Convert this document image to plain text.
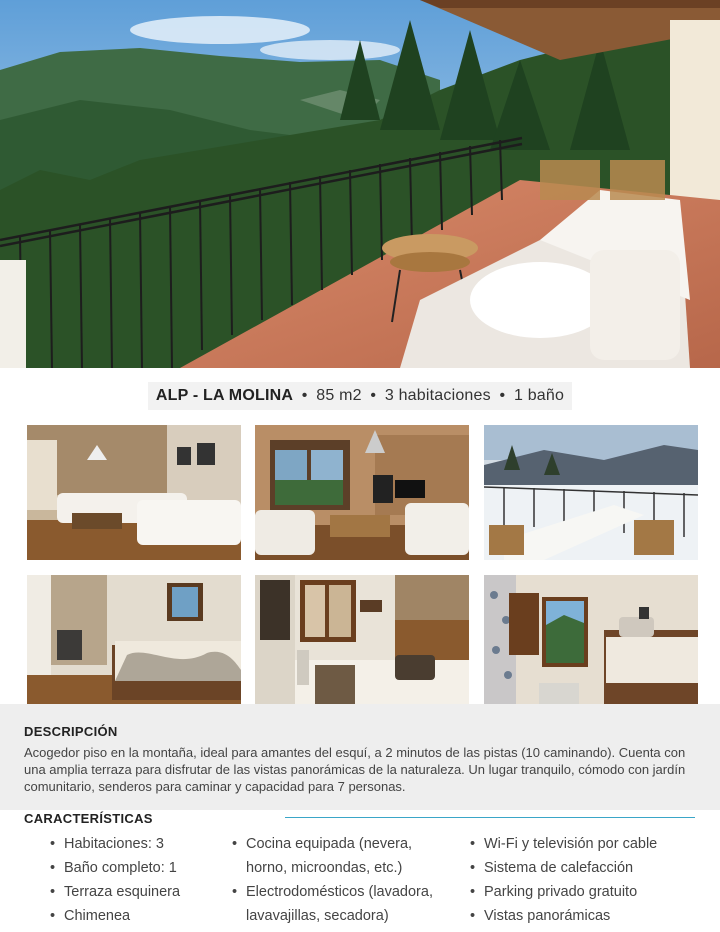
ALP - LA MOLINA • 85 m2 • 3 habitaciones • 1 baño
DESCRIPCIÓN

Acogedor piso en la montaña, ideal para amantes del esquí, a 2 minutos de las pistas (10 caminando). Cuenta con una amplia terraza para disfrutar de las vistas panorámicas de la naturaleza. Un lugar tranquilo, cómodo con jardín comunitario, senderos para caminar y capacidad para 7 personas.

CARACTERÍSTICAS
• Habitaciones: 3
• Baño completo: 1
• Terraza esquinera
• Chimenea
• Cocina equipada (nevera,
horno, microondas, etc.)
• Electrodomésticos (lavadora,
lavavajillas, secadora)
• Wi-Fi y televisión por cable
• Sistema de calefacción
• Parking privado gratuito
• Vistas panorámicas
